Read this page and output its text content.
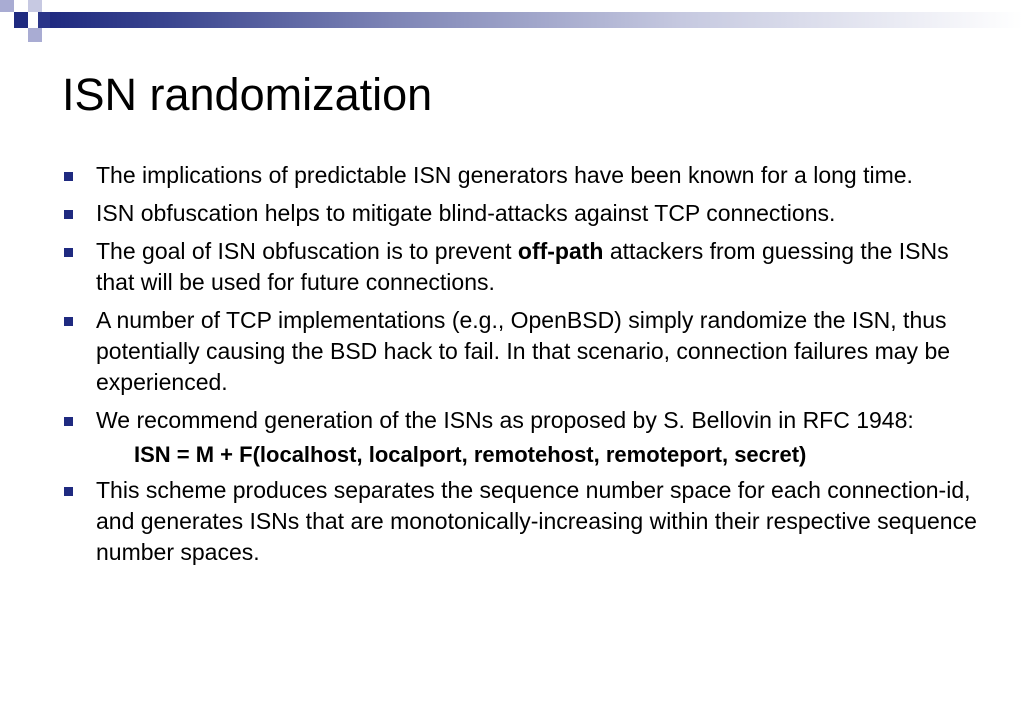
ISN randomization
The implications of predictable ISN generators have been known for a long time.
ISN obfuscation helps to mitigate blind-attacks against TCP connections.
The goal of ISN obfuscation is to prevent off-path attackers from guessing the ISNs that will be used for future connections.
A number of TCP implementations (e.g., OpenBSD) simply randomize the ISN, thus potentially causing the BSD hack to fail. In that scenario, connection failures may be experienced.
We recommend generation of the ISNs as proposed by S. Bellovin in RFC 1948:
ISN = M + F(localhost, localport, remotehost, remoteport, secret)
This scheme produces separates the sequence number space for each connection-id, and generates ISNs that are monotonically-increasing within their respective sequence number spaces.
